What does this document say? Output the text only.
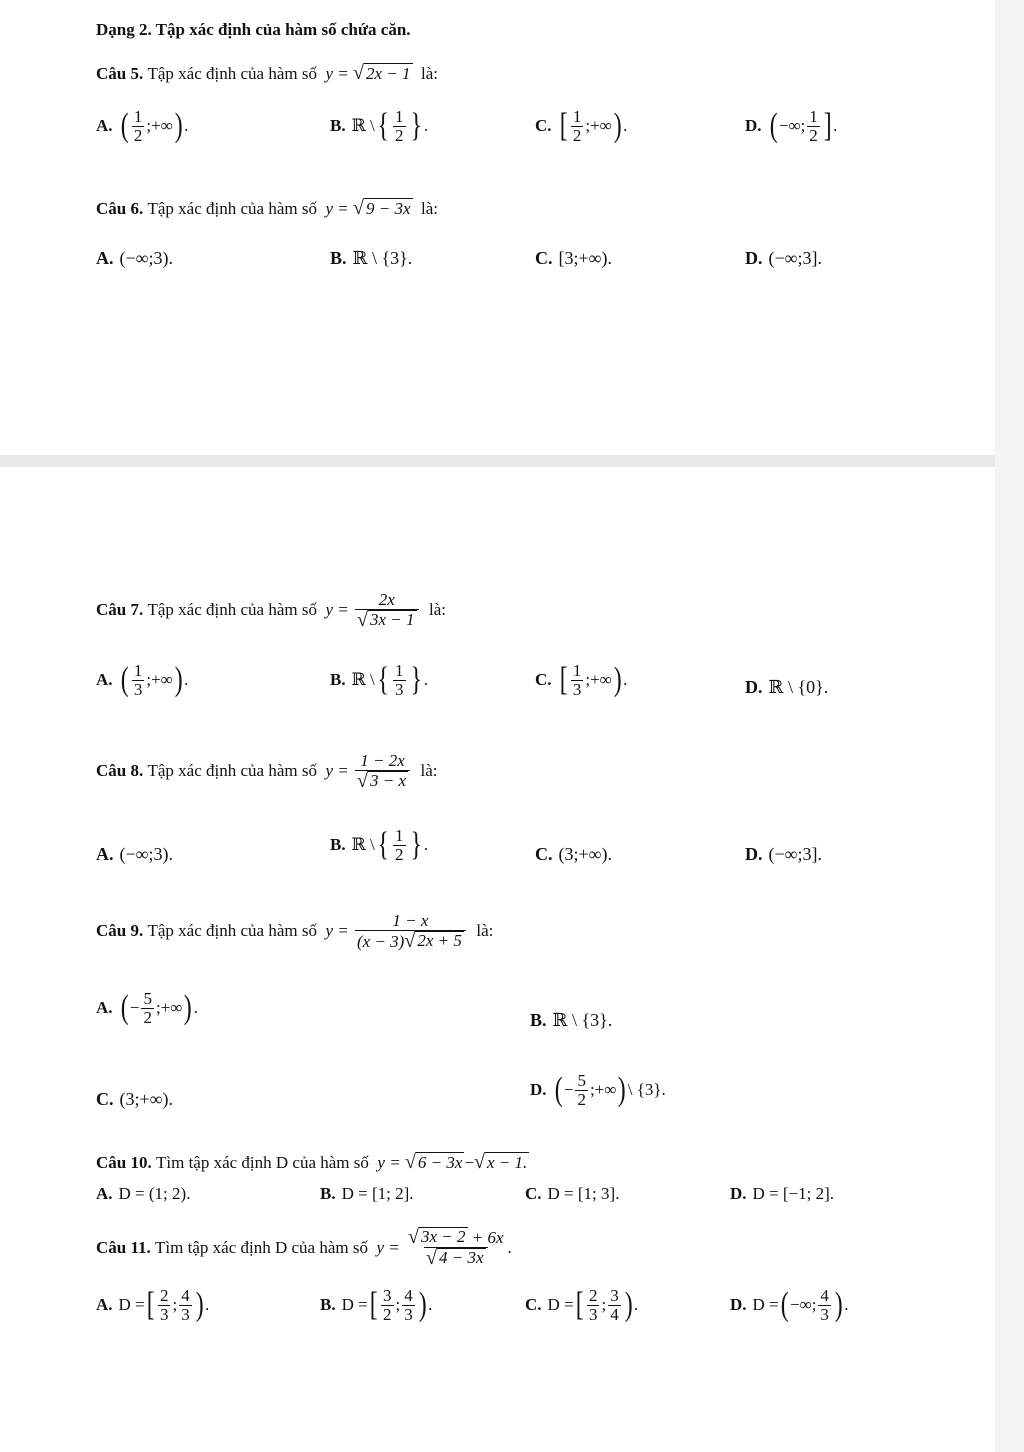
Dạng 2. Tập xác định của hàm số chứa căn.
Câu 5.
Tập xác định của hàm số
y =
√ 2x − 1
là:
A. ( $\frac{1}{2}$ ;+∞ ) .	B. ℝ \ { $\frac{1}{2}$ } .	C. [ $\frac{1}{2}$ ;+∞ ) .	D. ( −∞; $\frac{1}{2}$ ] .
Câu 6.
Tập xác định của hàm số
y =
√ 9 − 3x
là:
A. (−∞;3).	B. ℝ \ {3}.	C. [3;+∞).	D. (−∞;3].
Câu 7.
Tập xác định của hàm số
y =
$\frac{2x}{√ 3x - 1}$
là:
A. ( $\frac{1}{3}$ ;+∞ ) .	B. ℝ \ { $\frac{1}{3}$ } .	C. [ $\frac{1}{3}$ ;+∞ ) .	D. ℝ \ {0}.
Câu 8.
Tập xác định của hàm số
y =
$\frac{1 - 2x}{√ 3 - x}$
là:
A. (−∞;3).	B. ℝ \ { $\frac{1}{2}$ } .	C. (3;+∞).	D. (−∞;3].
Câu 9.
Tập xác định của hàm số
y =
$\frac{1 - x}{(x - 3) √ 2x + 5}$
là:
A. ( − $\frac{5}{2}$ ;+∞ ) .
B. ℝ \ {3}.
C. (3;+∞).	D. ( − $\frac{5}{2}$ ;+∞ ) \ {3}.
Câu 10.
Tìm tập xác định D của hàm số
y =
√ 6 − 3x − √ x − 1.
A. D = (1; 2).	B. D = [1; 2].	C. D = [1; 3].	D. D = [−1; 2].
Câu 11.
Tìm tập xác định D của hàm số
y =
$\frac{√ 3x - 2 + 6x}{√ 4 - 3x}$ .
A. D = [ $\frac{2}{3}$ ; $\frac{4}{3}$ ) .	B. D = [ $\frac{3}{2}$ ; $\frac{4}{3}$ ) .	C. D = [ $\frac{2}{3}$ ; $\frac{3}{4}$ ) .	D. D = ( −∞; $\frac{4}{3}$ ) .
